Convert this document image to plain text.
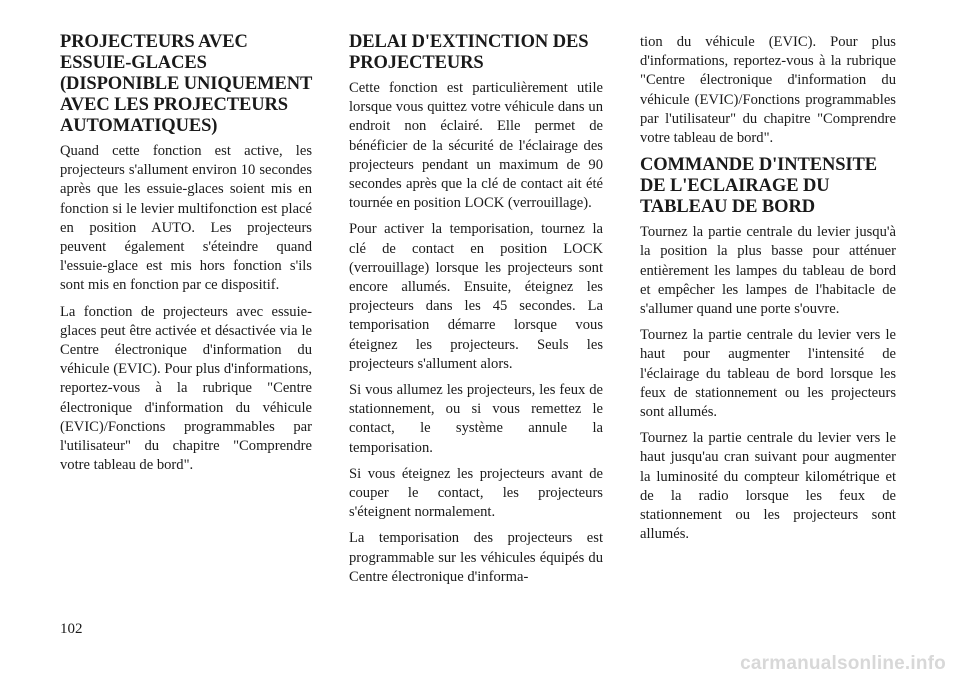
PROJECTEURS AVEC ESSUIE-GLACES (DISPONIBLE UNIQUEMENT AVEC LES PROJECTEURS AUTOMATIQUES)

Quand cette fonction est active, les projecteurs s'allument environ 10 secondes après que les essuie-glaces soient mis en fonction si le levier multifonction est placé en position AUTO. Les projecteurs peuvent également s'éteindre quand l'essuie-glace est mis hors fonction s'ils sont mis en fonction par ce dispositif.

La fonction de projecteurs avec essuie-glaces peut être activée et désactivée via le Centre électronique d'information du véhicule (EVIC). Pour plus d'informations, reportez-vous à la rubrique "Centre électronique d'information du véhicule (EVIC)/Fonctions programmables par l'utilisateur" du chapitre "Comprendre votre tableau de bord".

DELAI D'EXTINCTION DES PROJECTEURS

Cette fonction est particulièrement utile lorsque vous quittez votre véhicule dans un endroit non éclairé. Elle permet de bénéficier de la sécurité de l'éclairage des projecteurs pendant un maximum de 90 secondes après que la clé de contact ait été tournée en position LOCK (verrouillage).

Pour activer la temporisation, tournez la clé de contact en position LOCK (verrouillage) lorsque les projecteurs sont encore allumés. Ensuite, éteignez les projecteurs dans les 45 secondes. La temporisation démarre lorsque vous éteignez les projecteurs. Seuls les projecteurs s'allument alors.

Si vous allumez les projecteurs, les feux de stationnement, ou si vous remettez le contact, le système annule la temporisation.

Si vous éteignez les projecteurs avant de couper le contact, les projecteurs s'éteignent normalement.

La temporisation des projecteurs est programmable sur les véhicules équipés du Centre électronique d'informa-

tion du véhicule (EVIC). Pour plus d'informations, reportez-vous à la rubrique "Centre électronique d'information du véhicule (EVIC)/Fonctions programmables par l'utilisateur" du chapitre "Comprendre votre tableau de bord".

COMMANDE D'INTENSITE DE L'ECLAIRAGE DU TABLEAU DE BORD

Tournez la partie centrale du levier jusqu'à la position la plus basse pour atténuer entièrement les lampes du tableau de bord et empêcher les lampes de l'habitacle de s'allumer quand une porte s'ouvre.

Tournez la partie centrale du levier vers le haut pour augmenter l'intensité de l'éclairage du tableau de bord lorsque les feux de stationnement ou les projecteurs sont allumés.

Tournez la partie centrale du levier vers le haut jusqu'au cran suivant pour augmenter la luminosité du compteur kilométrique et de la radio lorsque les feux de stationnement ou les projecteurs sont allumés.

102
carmanualsonline.info
